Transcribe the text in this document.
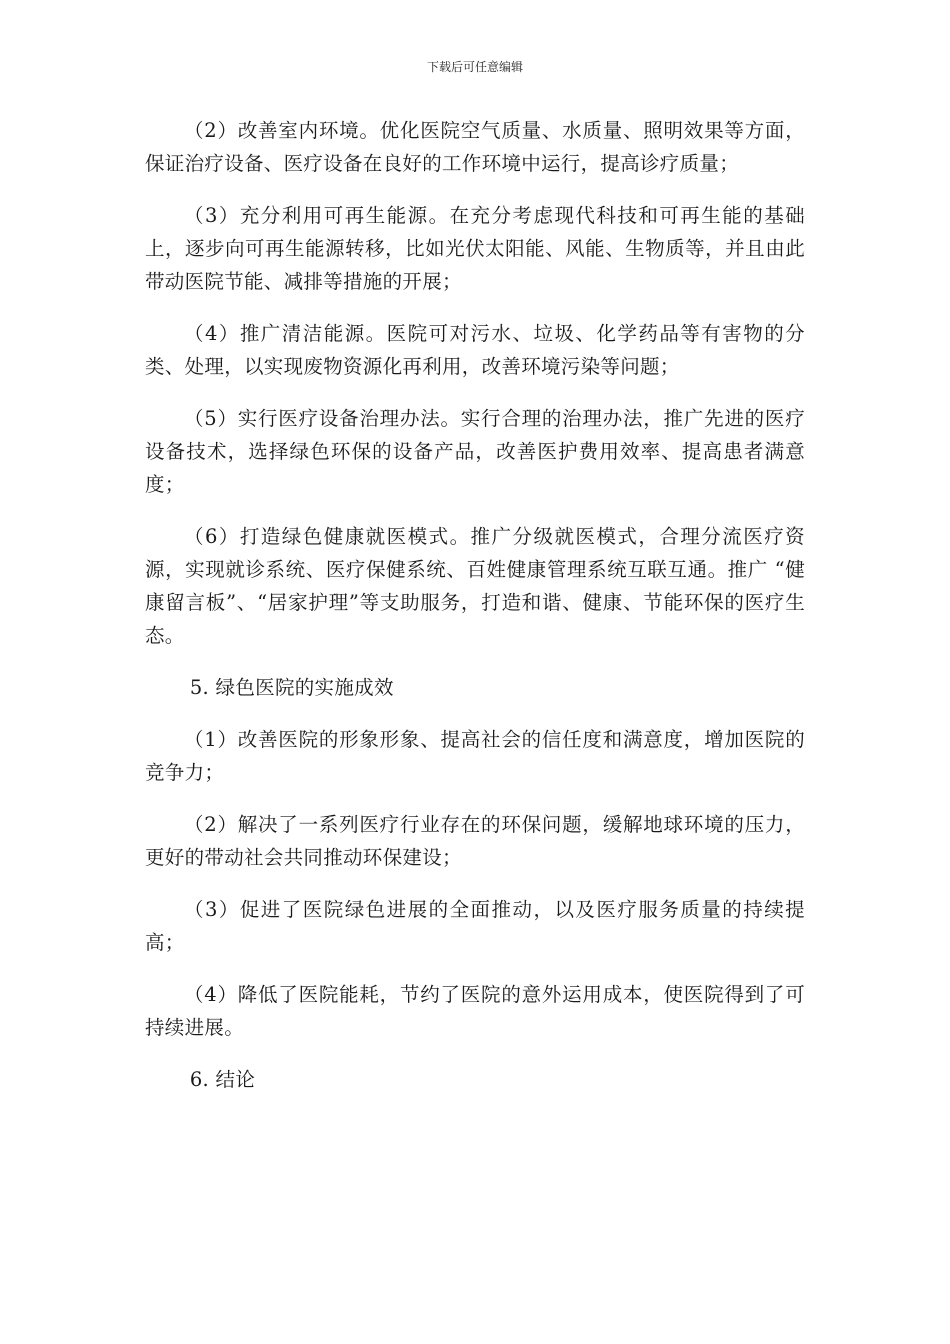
下载后可任意编辑

（2）改善室内环境。优化医院空气质量、水质量、照明效果等方面，保证治疗设备、医疗设备在良好的工作环境中运行，提高诊疗质量；

（3）充分利用可再生能源。在充分考虑现代科技和可再生能的基础上，逐步向可再生能源转移，比如光伏太阳能、风能、生物质等，并且由此带动医院节能、减排等措施的开展；

（4）推广清洁能源。医院可对污水、垃圾、化学药品等有害物的分类、处理，以实现废物资源化再利用，改善环境污染等问题；

（5）实行医疗设备治理办法。实行合理的治理办法，推广先进的医疗设备技术，选择绿色环保的设备产品，改善医护费用效率、提高患者满意度；

（6）打造绿色健康就医模式。推广分级就医模式，合理分流医疗资源，实现就诊系统、医疗保健系统、百姓健康管理系统互联互通。推广 “健康留言板”、“居家护理”等支助服务，打造和谐、健康、节能环保的医疗生态。

5. 绿色医院的实施成效

（1）改善医院的形象形象、提高社会的信任度和满意度，增加医院的竞争力；

（2）解决了一系列医疗行业存在的环保问题，缓解地球环境的压力，更好的带动社会共同推动环保建设；

（3）促进了医院绿色进展的全面推动，以及医疗服务质量的持续提高；

（4）降低了医院能耗，节约了医院的意外运用成本，使医院得到了可持续进展。

6. 结论
